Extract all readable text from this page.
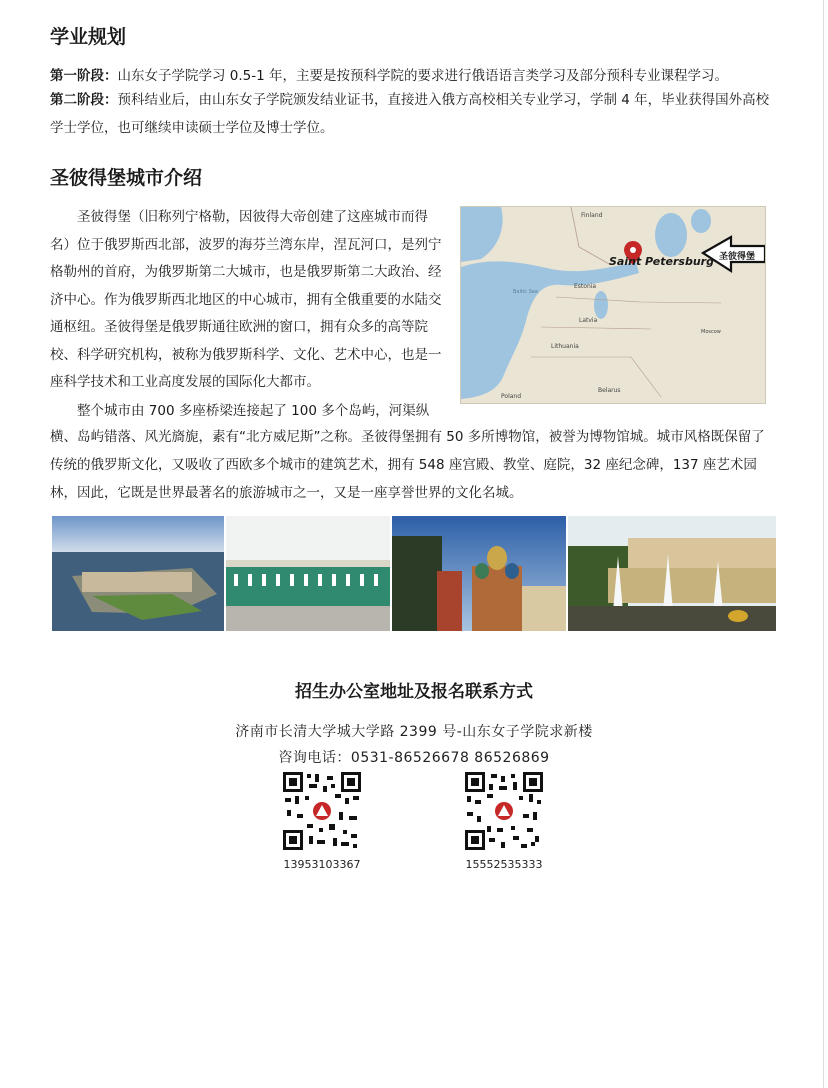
学业规划
第一阶段：山东女子学院学习 0.5-1 年，主要是按预科学院的要求进行俄语语言类学习及部分预科专业课程学习。
第二阶段：预科结业后，由山东女子学院颁发结业证书，直接进入俄方高校相关专业学习，学制 4 年，毕业获得国外高校学士学位，也可继续申读硕士学位及博士学位。
圣彼得堡城市介绍
圣彼得堡（旧称列宁格勒，因彼得大帝创建了这座城市而得名）位于俄罗斯西北部，波罗的海芬兰湾东岸，涅瓦河口，是列宁格勒州的首府，为俄罗斯第二大城市，也是俄罗斯第二大政治、经济中心。作为俄罗斯西北地区的中心城市，拥有全俄重要的水陆交通枢纽。圣彼得堡是俄罗斯通往欧洲的窗口，拥有众多的高等院校、科学研究机构，被称为俄罗斯科学、文化、艺术中心，也是一座科学技术和工业高度发展的国际化大都市。
Finland
Estonia
Latvia
Lithuania
Belarus
Poland
Baltic Sea
Moscow
Saint Petersburg 圣彼得堡
整个城市由 700 多座桥梁连接起了 100 多个岛屿，河渠纵
横、岛屿错落、风光旖旎，素有“北方威尼斯”之称。圣彼得堡拥有 50 多所博物馆，被誉为博物馆城。城市风格既保留了传统的俄罗斯文化，又吸收了西欧多个城市的建筑艺术，拥有 548 座宫殿、教堂、庭院，32 座纪念碑，137 座艺术园林，因此，它既是世界最著名的旅游城市之一，又是一座享誉世界的文化名城。
招生办公室地址及报名联系方式
济南市长清大学城大学路 2399 号-山东女子学院求新楼
咨询电话：0531-86526678 86526869
13953103367	15552535333
